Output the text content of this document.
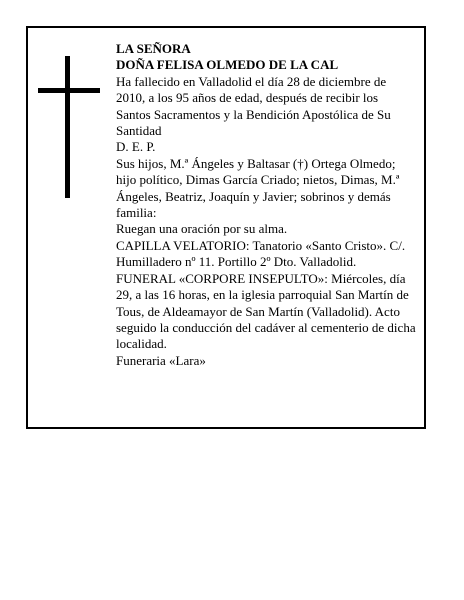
LA SEÑORA

DOÑA FELISA OLMEDO DE LA CAL

Ha fallecido en Valladolid el día 28 de diciembre de 2010, a los 95 años de edad, después de recibir los Santos Sacramentos y la Bendición Apostólica de Su Santidad

D. E. P.

Sus hijos, M.ª Ángeles y Baltasar (†) Ortega Olmedo; hijo político, Dimas García Criado; nietos, Dimas, M.ª Ángeles, Beatriz, Joaquín y Javier; sobrinos y demás familia:

Ruegan una oración por su alma.

CAPILLA VELATORIO: Tanatorio «Santo Cristo». C/. Humilladero nº 11. Portillo 2º Dto. Valladolid.

FUNERAL «CORPORE INSEPULTO»: Miércoles, día 29, a las 16 horas, en la iglesia parroquial San Martín de Tous, de Aldeamayor de San Martín (Valladolid). Acto seguido la conducción del cadáver al cementerio de dicha localidad.

Funeraria «Lara»
